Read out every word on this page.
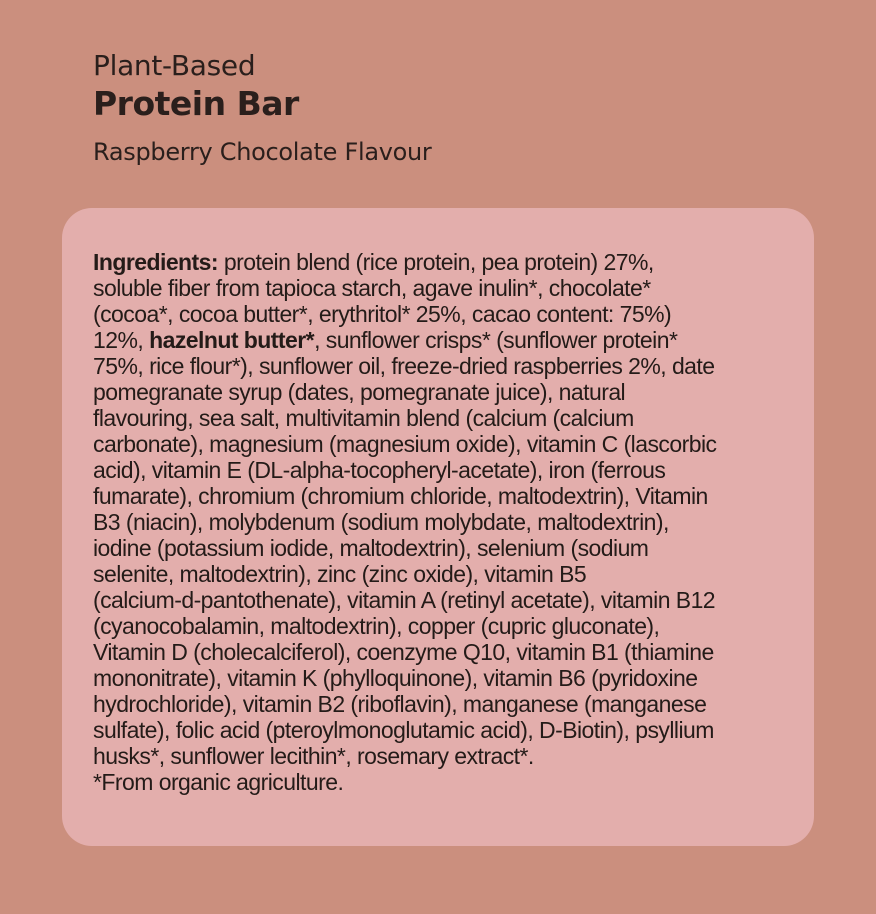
Plant-Based
Protein Bar
Raspberry Chocolate Flavour
Ingredients: protein blend (rice protein, pea protein) 27%,
soluble fiber from tapioca starch, agave inulin*, chocolate*
(cocoa*, cocoa butter*, erythritol* 25%, cacao content: 75%)
12%, hazelnut butter*, sunflower crisps* (sunflower protein*
75%, rice flour*), sunflower oil, freeze-dried raspberries 2%, date
pomegranate syrup (dates, pomegranate juice), natural
flavouring, sea salt, multivitamin blend (calcium (calcium
carbonate), magnesium (magnesium oxide), vitamin C (lascorbic
acid), vitamin E (DL-alpha-tocopheryl-acetate), iron (ferrous
fumarate), chromium (chromium chloride, maltodextrin), Vitamin
B3 (niacin), molybdenum (sodium molybdate, maltodextrin),
iodine (potassium iodide, maltodextrin), selenium (sodium
selenite, maltodextrin), zinc (zinc oxide), vitamin B5
(calcium-d-pantothenate), vitamin A (retinyl acetate), vitamin B12
(cyanocobalamin, maltodextrin), copper (cupric gluconate),
Vitamin D (cholecalciferol), coenzyme Q10, vitamin B1 (thiamine
mononitrate), vitamin K (phylloquinone), vitamin B6 (pyridoxine
hydrochloride), vitamin B2 (riboflavin), manganese (manganese
sulfate), folic acid (pteroylmonoglutamic acid), D-Biotin), psyllium
husks*, sunflower lecithin*, rosemary extract*.
*From organic agriculture.
